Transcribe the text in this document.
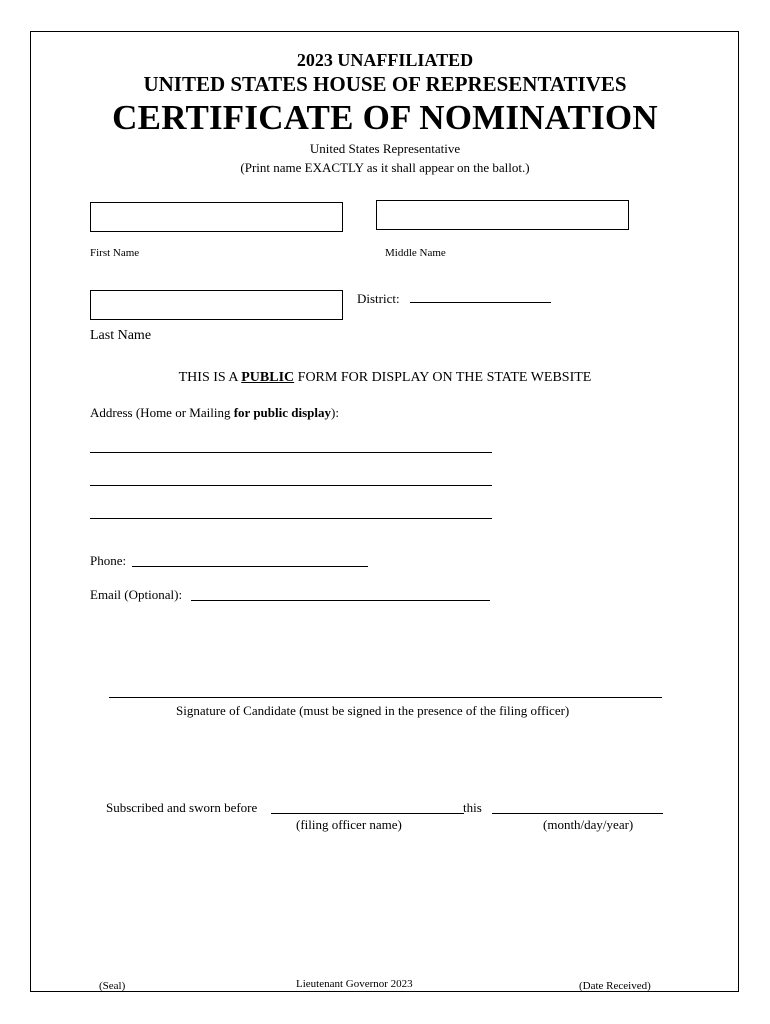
2023 UNAFFILIATED
UNITED STATES HOUSE OF REPRESENTATIVES
CERTIFICATE OF NOMINATION
United States Representative
(Print name EXACTLY as it shall appear on the ballot.)
First Name	Middle Name
District:
Last Name
THIS IS A PUBLIC FORM FOR DISPLAY ON THE STATE WEBSITE
Address (Home or Mailing for public display):
Phone:
Email (Optional):
Signature of Candidate (must be signed in the presence of the filing officer)
Subscribed and sworn before	this
(filing officer name)	(month/day/year)
(Seal)	Lieutenant Governor 2023	(Date Received)
